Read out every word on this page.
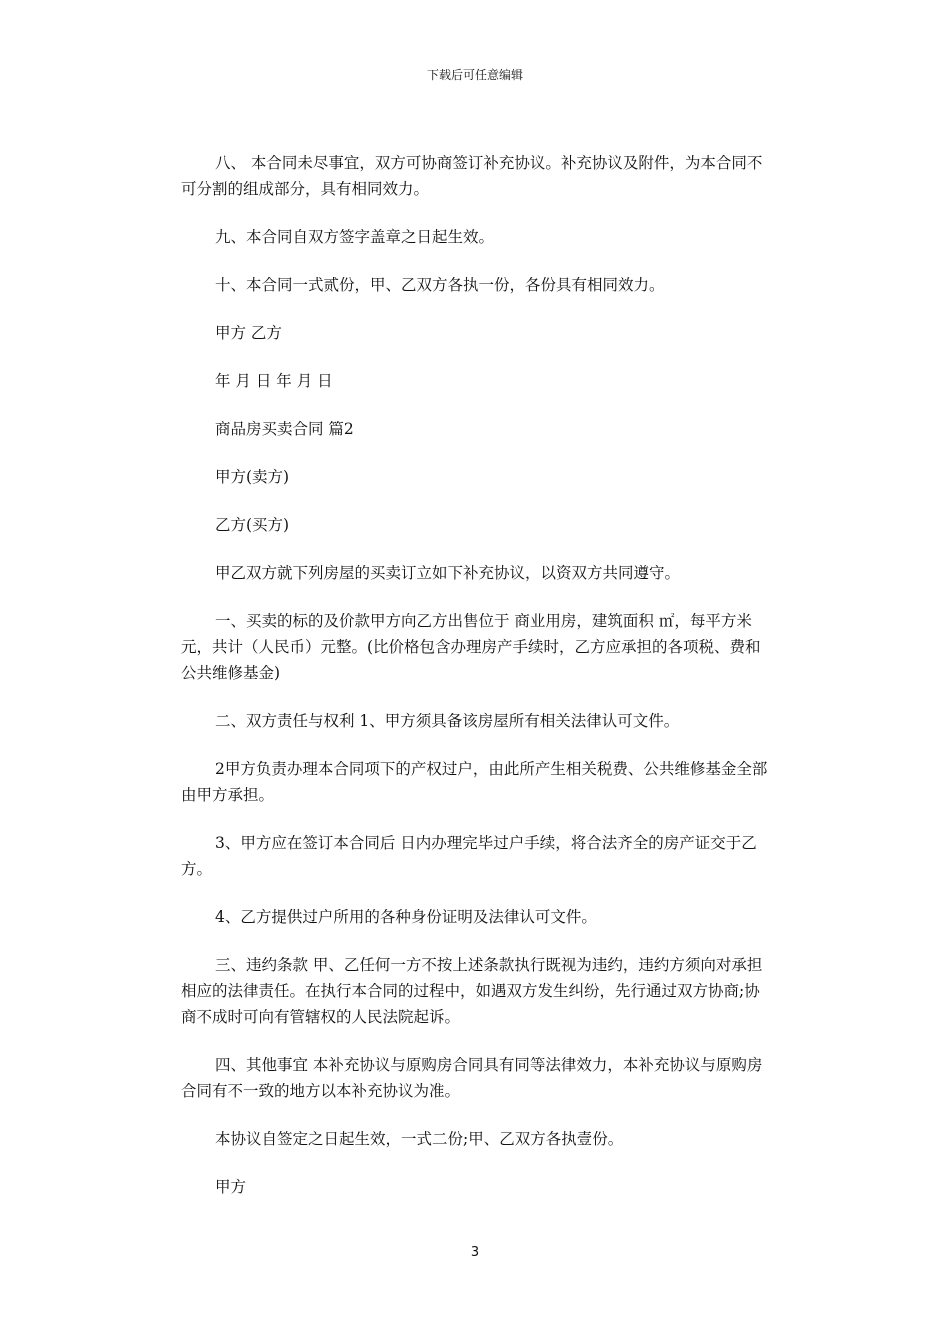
下载后可任意编辑

八、 本合同未尽事宜，双方可协商签订补充协议。补充协议及附件，为本合同不可分割的组成部分，具有相同效力。

九、本合同自双方签字盖章之日起生效。

十、本合同一式贰份，甲、乙双方各执一份，各份具有相同效力。

甲方 乙方

年 月 日 年 月 日

商品房买卖合同 篇2

甲方(卖方)

乙方(买方)

甲乙双方就下列房屋的买卖订立如下补充协议，以资双方共同遵守。

一、买卖的标的及价款甲方向乙方出售位于 商业用房，建筑面积 ㎡，每平方米 元，共计（人民币）元整。(比价格包含办理房产手续时，乙方应承担的各项税、费和公共维修基金)

二、双方责任与权利 1、甲方须具备该房屋所有相关法律认可文件。

2甲方负责办理本合同项下的产权过户，由此所产生相关税费、公共维修基金全部由甲方承担。

3、甲方应在签订本合同后 日内办理完毕过户手续，将合法齐全的房产证交于乙方。

4、乙方提供过户所用的各种身份证明及法律认可文件。

三、违约条款 甲、乙任何一方不按上述条款执行既视为违约，违约方须向对承担相应的法律责任。在执行本合同的过程中，如遇双方发生纠纷，先行通过双方协商;协商不成时可向有管辖权的人民法院起诉。

四、其他事宜 本补充协议与原购房合同具有同等法律效力，本补充协议与原购房合同有不一致的地方以本补充协议为准。

本协议自签定之日起生效，一式二份;甲、乙双方各执壹份。

甲方

3
